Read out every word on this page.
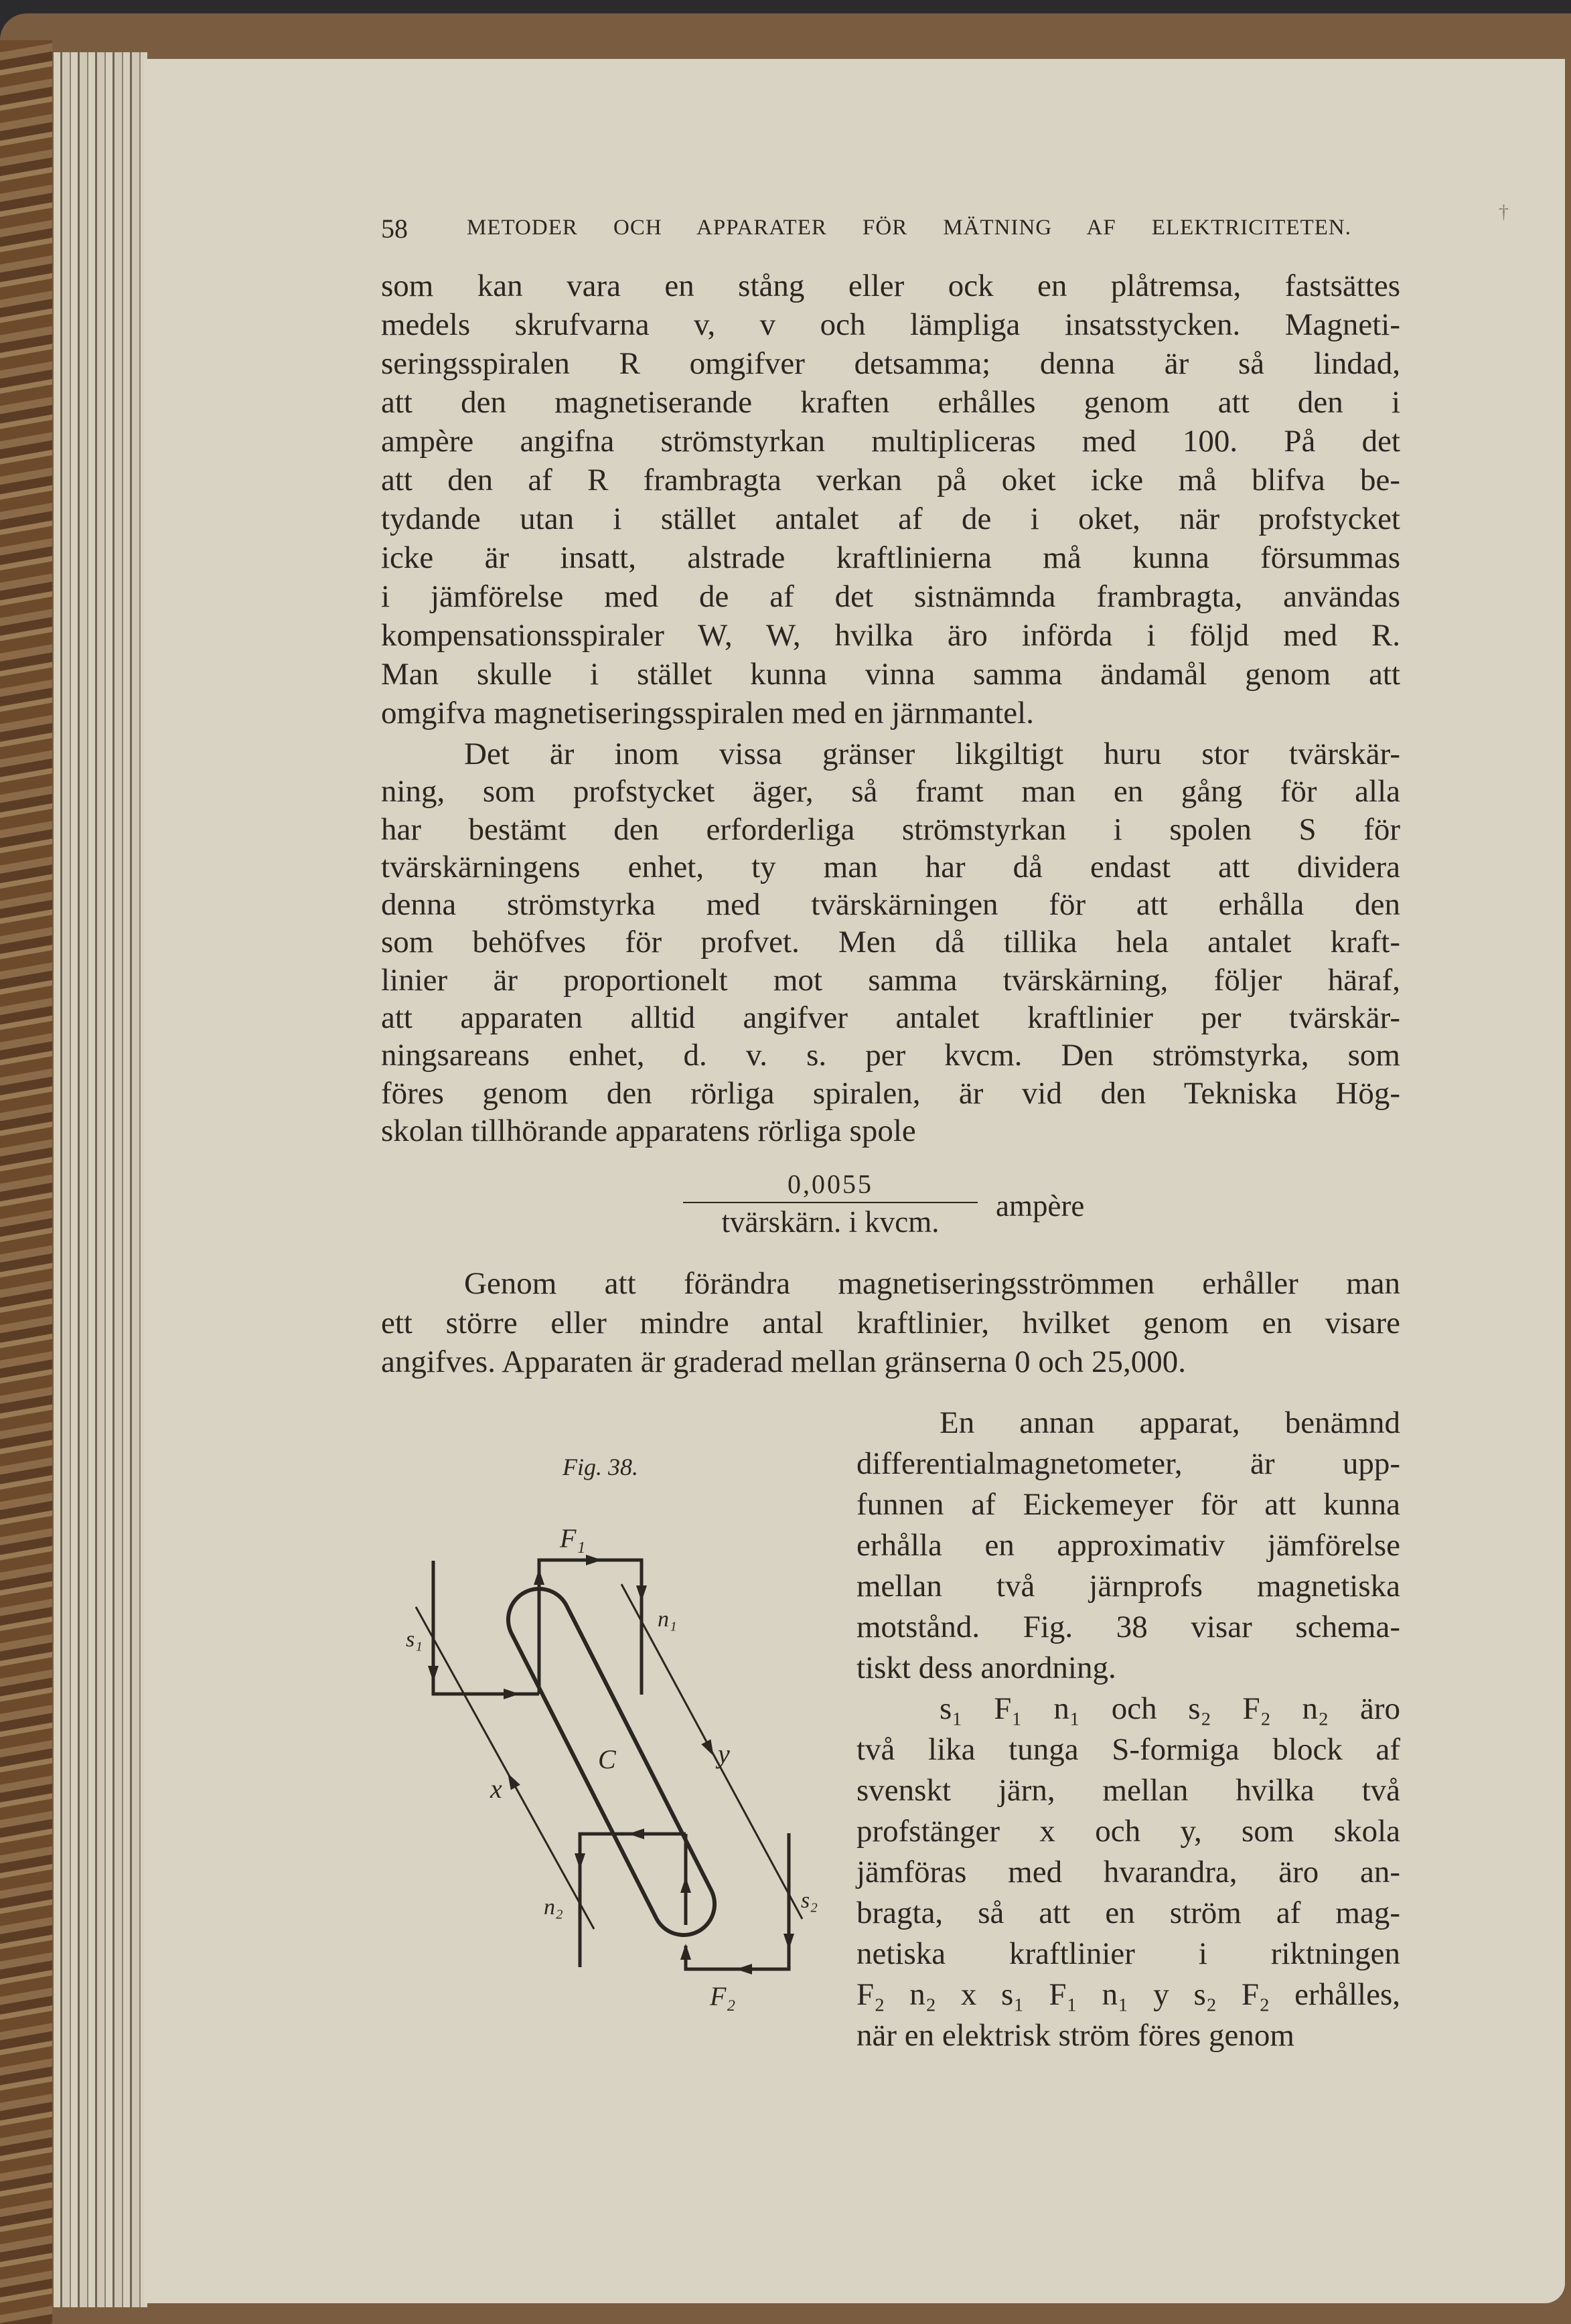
58	METODER OCH APPARATER FÖR MÄTNING AF ELEKTRICITETEN.
†
som kan vara en stång eller ock en plåtremsa, fastsättes
medels skrufvarna v, v och lämpliga insatsstycken. Magneti-
seringsspiralen R omgifver detsamma; denna är så lindad,
att den magnetiserande kraften erhålles genom att den i
ampère angifna strömstyrkan multipliceras med 100. På det
att den af R frambragta verkan på oket icke må blifva be-
tydande utan i stället antalet af de i oket, när profstycket
icke är insatt, alstrade kraftlinierna må kunna försummas
i jämförelse med de af det sistnämnda frambragta, användas
kompensationsspiraler W, W, hvilka äro införda i följd med R.
Man skulle i stället kunna vinna samma ändamål genom att
omgifva magnetiseringsspiralen med en järnmantel.
Det är inom vissa gränser likgiltigt huru stor tvärskär-
ning, som profstycket äger, så framt man en gång för alla
har bestämt den erforderliga strömstyrkan i spolen S för
tvärskärningens enhet, ty man har då endast att dividera
denna strömstyrka med tvärskärningen för att erhålla den
som behöfves för profvet. Men då tillika hela antalet kraft-
linier är proportionelt mot samma tvärskärning, följer häraf,
att apparaten alltid angifver antalet kraftlinier per tvärskär-
ningsareans enhet, d. v. s. per kvcm. Den strömstyrka, som
föres genom den rörliga spiralen, är vid den Tekniska Hög-
skolan tillhörande apparatens rörliga spole
0,0055
tvärskärn. i kvcm.	ampère
Genom att förändra magnetiseringsströmmen erhåller man
ett större eller mindre antal kraftlinier, hvilket genom en visare
angifves. Apparaten är graderad mellan gränserna 0 och 25,000.
En annan apparat, benämnd
differentialmagnetometer, är upp-
funnen af Eickemeyer för att kunna
erhålla en approximativ jämförelse
mellan två järnprofs magnetiska
motstånd. Fig. 38 visar schema-
tiskt dess anordning.
s₁ F₁ n₁ och s₂ F₂ n₂ äro
två lika tunga S-formiga block af
svenskt järn, mellan hvilka två
profstänger x och y, som skola
jämföras med hvarandra, äro an-
bragta, så att en ström af mag-
netiska kraftlinier i riktningen
F₂ n₂ x s₁ F₁ n₁ y s₂ F₂ erhålles,
när en elektrisk ström föres genom
Fig. 38.
F₁
n₁
s₁
C
x
y
n₂	s₂
F₂
